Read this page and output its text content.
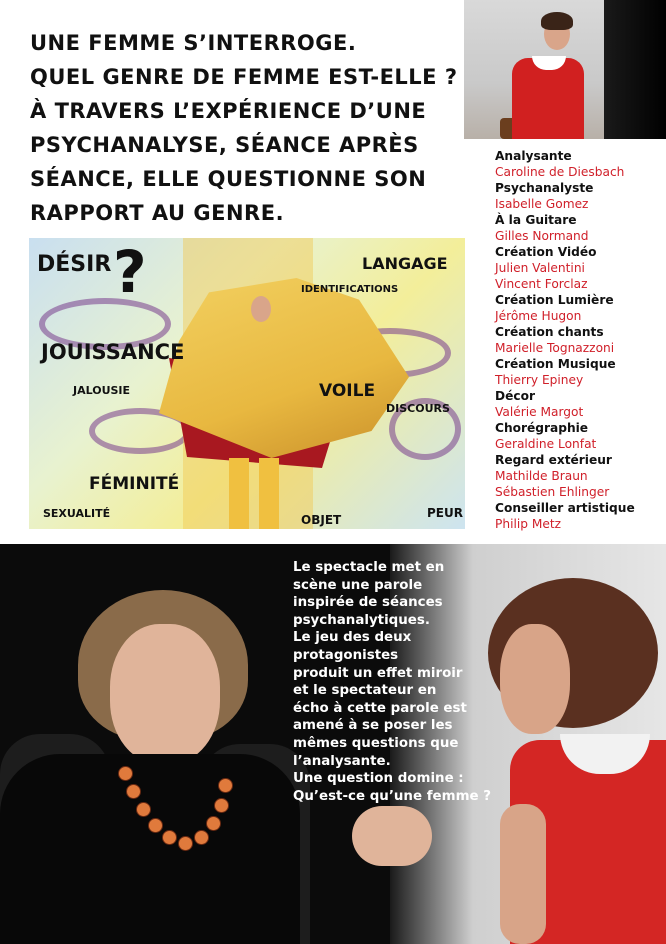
UNE FEMME S’INTERROGE.
QUEL GENRE DE FEMME EST-ELLE ?
À TRAVERS L’EXPÉRIENCE D’UNE
PSYCHANALYSE, SÉANCE APRÈS
SÉANCE, ELLE QUESTIONNE SON
RAPPORT AU GENRE.
Analysante
Caroline de Diesbach
Psychanalyste
Isabelle Gomez
À la Guitare
Gilles Normand
Création Vidéo
Julien Valentini
Vincent Forclaz
Création Lumière
Jérôme Hugon
Création chants
Marielle Tognazzoni
Création Musique
Thierry Epiney
Décor
Valérie Margot
Chorégraphie
Geraldine Lonfat
Regard extérieur
Mathilde Braun
Sébastien Ehlinger
Conseiller artistique
Philip Metz
?
DÉSIR	LANGAGE
IDENTIFICATIONS
JOUISSANCE
JALOUSIE	VOILE
DISCOURS
FÉMINITÉ
SEXUALITÉ	OBJET	PEUR

Le spectacle met en
scène une parole
inspirée de séances
psychanalytiques.
Le jeu des deux
protagonistes
produit un effet miroir
et le spectateur en
écho à cette parole est
amené à se poser les
mêmes questions que
l’analysante.
Une question domine :
Qu’est-ce qu’une femme ?
